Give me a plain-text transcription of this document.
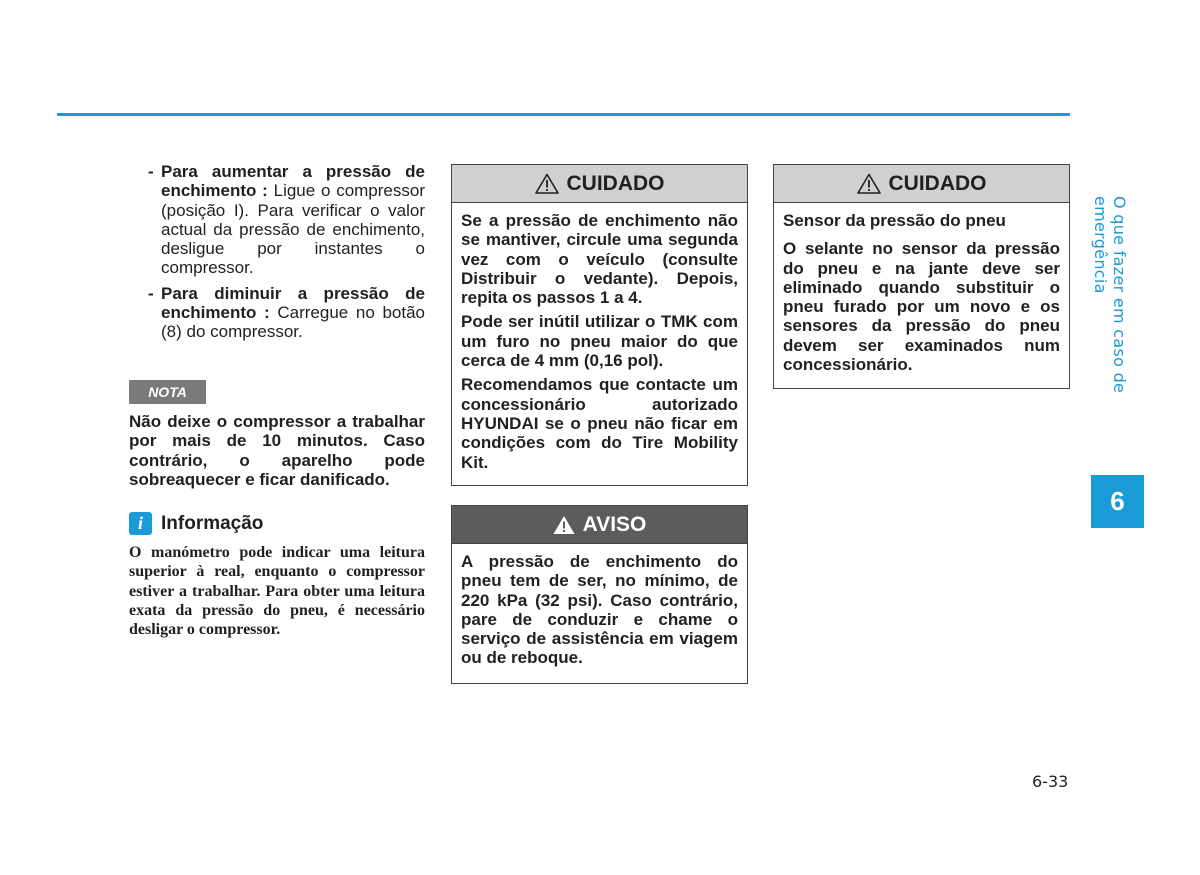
- Para aumentar a pressão de enchimento : Ligue o compressor (posição I). Para verificar o valor actual da pressão de enchimento, desligue por instantes o compressor.
- Para diminuir a pressão de enchimento : Carregue no botão (8) do compressor.
NOTA
Não deixe o compressor a trabalhar por mais de 10 minutos. Caso contrário, o aparelho pode sobreaquecer e ficar danificado.
i Informação
O manómetro pode indicar uma leitura superior à real, enquanto o compressor estiver a trabalhar. Para obter uma leitura exata da pressão do pneu, é necessário desligar o compressor.
CUIDADO

Se a pressão de enchimento não se mantiver, circule uma segunda vez com o veículo (consulte Distribuir o vedante). Depois, repita os passos 1 a 4.

Pode ser inútil utilizar o TMK com um furo no pneu maior do que cerca de 4 mm (0,16 pol).

Recomendamos que contacte um concessionário autorizado HYUNDAI se o pneu não ficar em condições com do Tire Mobility Kit.

AVISO

A pressão de enchimento do pneu tem de ser, no mínimo, de 220 kPa (32 psi). Caso contrário, pare de conduzir e chame o serviço de assistência em viagem ou de reboque.

CUIDADO

Sensor da pressão do pneu

O selante no sensor da pressão do pneu e na jante deve ser eliminado quando substituir o pneu furado por um novo e os sensores da pressão do pneu devem ser examinados num concessionário.	O que fazer em caso de emergência
6
6-33
